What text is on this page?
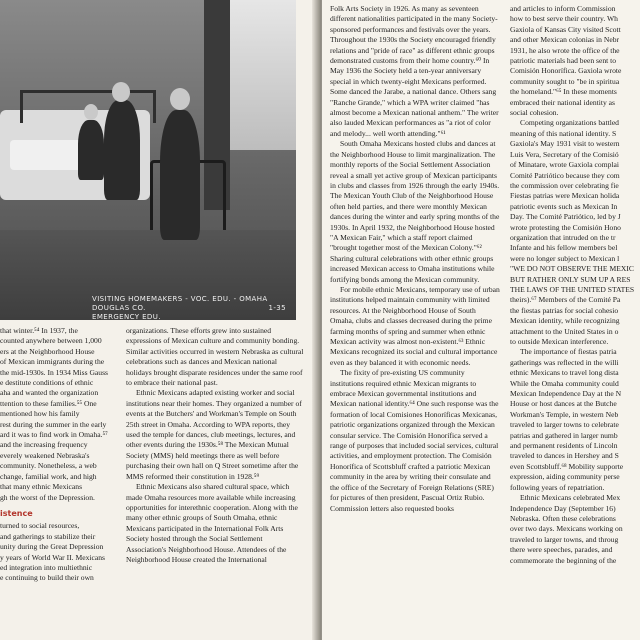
VISITING HOMEMAKERS - VOC. EDU. - OMAHA DOUGLAS CO.
EMERGENCY EDU.
1-35
that winter.⁵⁴ In 1937, the
counted anywhere between 1,000
ers at the Neighborhood House
of Mexican immigrants during the
the mid-1930s. In 1934 Miss Gauss
e destitute conditions of ethnic
aha and wanted the organization
ttention to these families.⁵⁵ One
mentioned how his family
rest during the summer in the early
ard it was to find work in Omaha.⁵⁷
and the increasing frequency
everely weakened Nebraska's
community. Nonetheless, a web
change, familial work, and high
that many ethnic Mexicans
gh the worst of the Depression.
istence
turned to social resources,
and gatherings to stabilize their
unity during the Great Depression
y years of World War II. Mexicans
ed integration into multiethnic
e continuing to build their own

organizations. These efforts grew into sustained expressions of Mexican culture and community bonding. Similar activities occurred in western Nebraska as cultural celebrations such as dances and Mexican national holidays brought disparate residences under the same roof to embrace their national past.

Ethnic Mexicans adapted existing worker and social institutions near their homes. They organized a number of events at the Butchers' and Workman's Temple on South 25th street in Omaha. According to WPA reports, they used the temple for dances, club meetings, lectures, and other events during the 1930s.⁵⁸ The Mexican Mutual Society (MMS) held meetings there as well before purchasing their own hall on Q Street sometime after the MMS reformed their constitution in 1928.⁵⁹

Ethnic Mexicans also shared cultural space, which made Omaha resources more available while increasing opportunities for interethnic cooperation. Along with the many other ethnic groups of South Omaha, ethnic Mexicans participated in the International Folk Arts Society hosted through the Social Settlement Association's Neighborhood House. Attendees of the Neighborhood House created the International

Folk Arts Society in 1926. As many as seventeen different nationalities participated in the many Society-sponsored performances and festivals over the years. Throughout the 1930s the Society encouraged friendly relations and "pride of race" as different ethnic groups demonstrated customs from their home country.⁶⁰ In May 1936 the Society held a ten-year anniversary special in which twenty-eight Mexicans performed. Some danced the Jarabe, a national dance. Others sang "Ranche Grande," which a WPA writer claimed "has almost become a Mexican national anthem." The writer also lauded Mexican performances as "a riot of color and melody... well worth attending."⁶¹

South Omaha Mexicans hosted clubs and dances at the Neighborhood House to limit marginalization. The monthly reports of the Social Settlement Association reveal a small yet active group of Mexican participants in clubs and classes from 1926 through the early 1940s. The Mexican Youth Club of the Neighborhood House often held parties, and there were monthly Mexican dances during the winter and early spring months of the 1930s. In April 1932, the Neighborhood House hosted "A Mexican Fair," which a staff report claimed "brought together most of the Mexican Colony."⁶² Sharing cultural celebrations with other ethnic groups increased Mexican access to Omaha institutions while fortifying bonds among the Mexican community.

For mobile ethnic Mexicans, temporary use of urban institutions helped maintain community with limited resources. At the Neighborhood House of South Omaha, clubs and classes decreased during the prime farming months of spring and summer when ethnic Mexican activity was almost non-existent.⁶³ Ethnic Mexicans recognized its social and cultural importance even as they balanced it with economic needs.

The fixity of pre-existing US community institutions required ethnic Mexican migrants to embrace Mexican governmental institutions and Mexican national identity.⁶⁴ One such response was the formation of local Comisiones Honoríficas Mexicanas, patriotic organizations organized through the Mexican consular service. The Comisión Honorífica served a range of purposes that included social services, cultural activities, and employment protection. The Comisión Honorífica of Scottsbluff crafted a patriotic Mexican community in the area by writing their consulate and the office of the Secretary of Foreign Relations (SRE) for pictures of then president, Pascual Ortiz Rubio. Commission letters also requested books

and articles to inform Commission

how to best serve their country. Wh

Gaxiola of Kansas City visited Scott

and other Mexican colonias in Nebr

1931, he also wrote the office of the

patriotic materials had been sent to

Comisión Honorífica. Gaxiola wrote

community sought to "be in spiritua

the homeland."⁶⁵ In these moments

embraced their national identity as

social cohesion.

Competing organizations battled

meaning of this national identity. S

Gaxiola's May 1931 visit to western

Luis Vera, Secretary of the Comisió

of Minatare, wrote Gaxiola complai

Comité Patriótico because they com

the commission over celebrating fie

Fiestas patrias were Mexican holida

patriotic events such as Mexican In

Day. The Comité Patriótico, led by J

wrote protesting the Comisión Hono

organization that intruded on the tr

Infante and his fellow members bel

were no longer subject to Mexican l

"WE DO NOT OBSERVE THE MEXIC

BUT RATHER ONLY SUM UP A RES

THE LAWS OF THE UNITED STATES

theirs).⁶⁷ Members of the Comité Pa

the fiestas patrias for social cohesio

Mexican identity, while recognizing

attachment to the United States in o

to outside Mexican interference.

The importance of fiestas patria

gatherings was reflected in the willi

ethnic Mexicans to travel long dista

While the Omaha community could

Mexican Independence Day at the N

House or host dances at the Butche

Workman's Temple, in western Neb

traveled to larger towns to celebrate

patrias and gathered in larger numb

and permanent residents of Lincoln

traveled to dances in Hershey and S

even Scottsbluff.⁶⁸ Mobility supporte

expression, aiding community perse

following years of repatriation.

Ethnic Mexicans celebrated Mex

Independence Day (September 16)

Nebraska. Often these celebrations

over two days. Mexicans working on

traveled to larger towns, and throug

there were speeches, parades, and

commemorate the beginning of the
